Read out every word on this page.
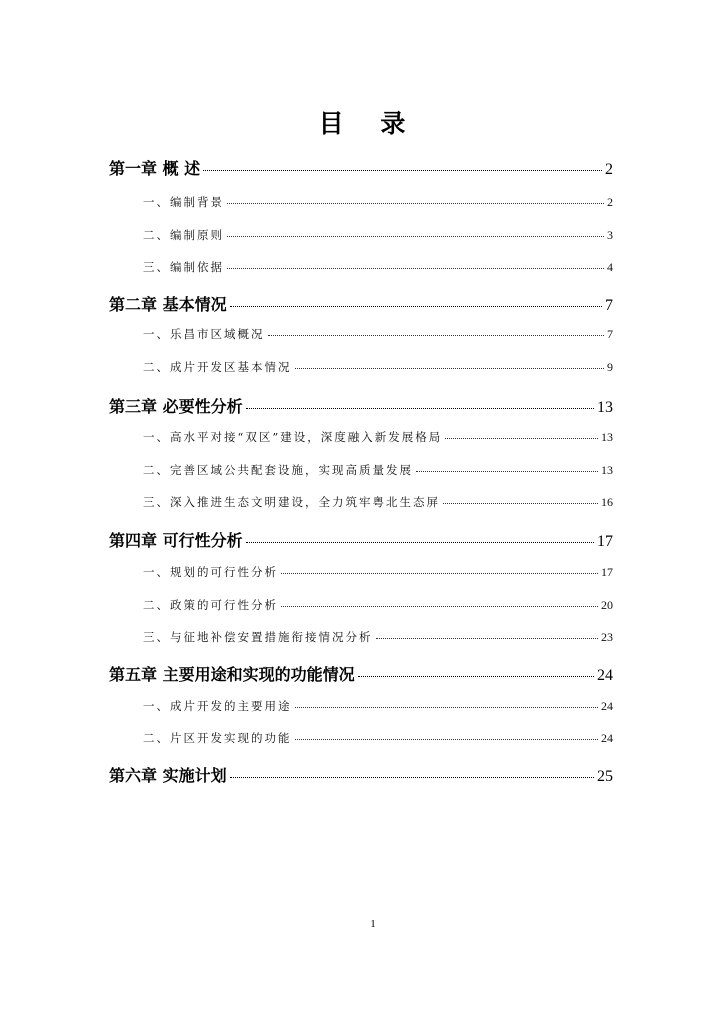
目 录
第一章 概 述	2
一、编制背景	2
二、编制原则	3
三、编制依据	4
第二章 基本情况	7
一、乐昌市区域概况	7
二、成片开发区基本情况	9
第三章 必要性分析	13
一、高水平对接“双区”建设，深度融入新发展格局	13
二、完善区域公共配套设施，实现高质量发展	13
三、深入推进生态文明建设，全力筑牢粤北生态屏	16
第四章 可行性分析	17
一、规划的可行性分析	17
二、政策的可行性分析	20
三、与征地补偿安置措施衔接情况分析	23
第五章 主要用途和实现的功能情况	24
一、成片开发的主要用途	24
二、片区开发实现的功能	24
第六章 实施计划	25
1
